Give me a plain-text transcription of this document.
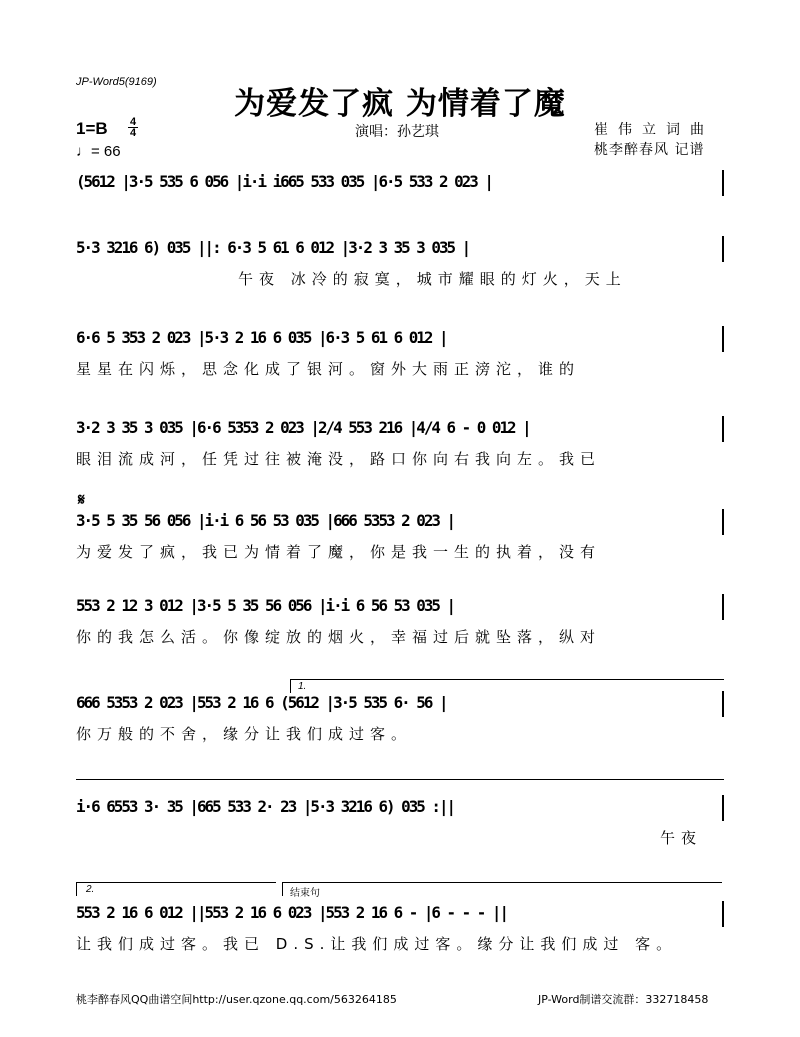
JP-Word5(9169)
为爱发了疯 为情着了魔
1=B 4
4
♩= 66
演唱：孙艺琪	崔伟立词曲
桃李醉春风 记谱
𝄋
1.
2.	结束句
(5612 |3·5 535 6 056 |i·i i665 533 035 |6·5 533 2 023 |
5·3 3216 6) 035 ||: 6·3 5 61 6 012 |3·2 3 35 3 035 |
午夜 冰冷的寂寞，城市耀眼的灯火，天上
6·6 5 353 2 023 |5·3 2 16 6 035 |6·3 5 61 6 012 |
星星在闪烁，思念化成了银河。窗外大雨正滂沱，谁的
3·2 3 35 3 035 |6·6 5353 2 023 |2/4 553 216 |4/4 6 - 0 012 |
眼泪流成河，任凭过往被淹没，路口你向右我向左。我已
3·5 5 35 56 056 |i·i 6 56 53 035 |666 5353 2 023 |
为爱发了疯，我已为情着了魔，你是我一生的执着，没有
553 2 12 3 012 |3·5 5 35 56 056 |i·i 6 56 53 035 |
你的我怎么活。你像绽放的烟火，幸福过后就坠落，纵对
666 5353 2 023 |553 2 16 6 (5612 |3·5 535 6· 56 |
你万般的不舍，缘分让我们成过客。
i·6 6553 3· 35 |665 533 2· 23 |5·3 3216 6) 035 :||
午夜
553 2 16 6 012 ||553 2 16 6 023 |553 2 16 6 - |6 - - - ||
让我们成过客。我已 D.S.让我们成过客。缘分让我们成过 客。
桃李醉春风QQ曲谱空间http://user.qzone.qq.com/563264185	JP-Word制谱交流群：332718458
